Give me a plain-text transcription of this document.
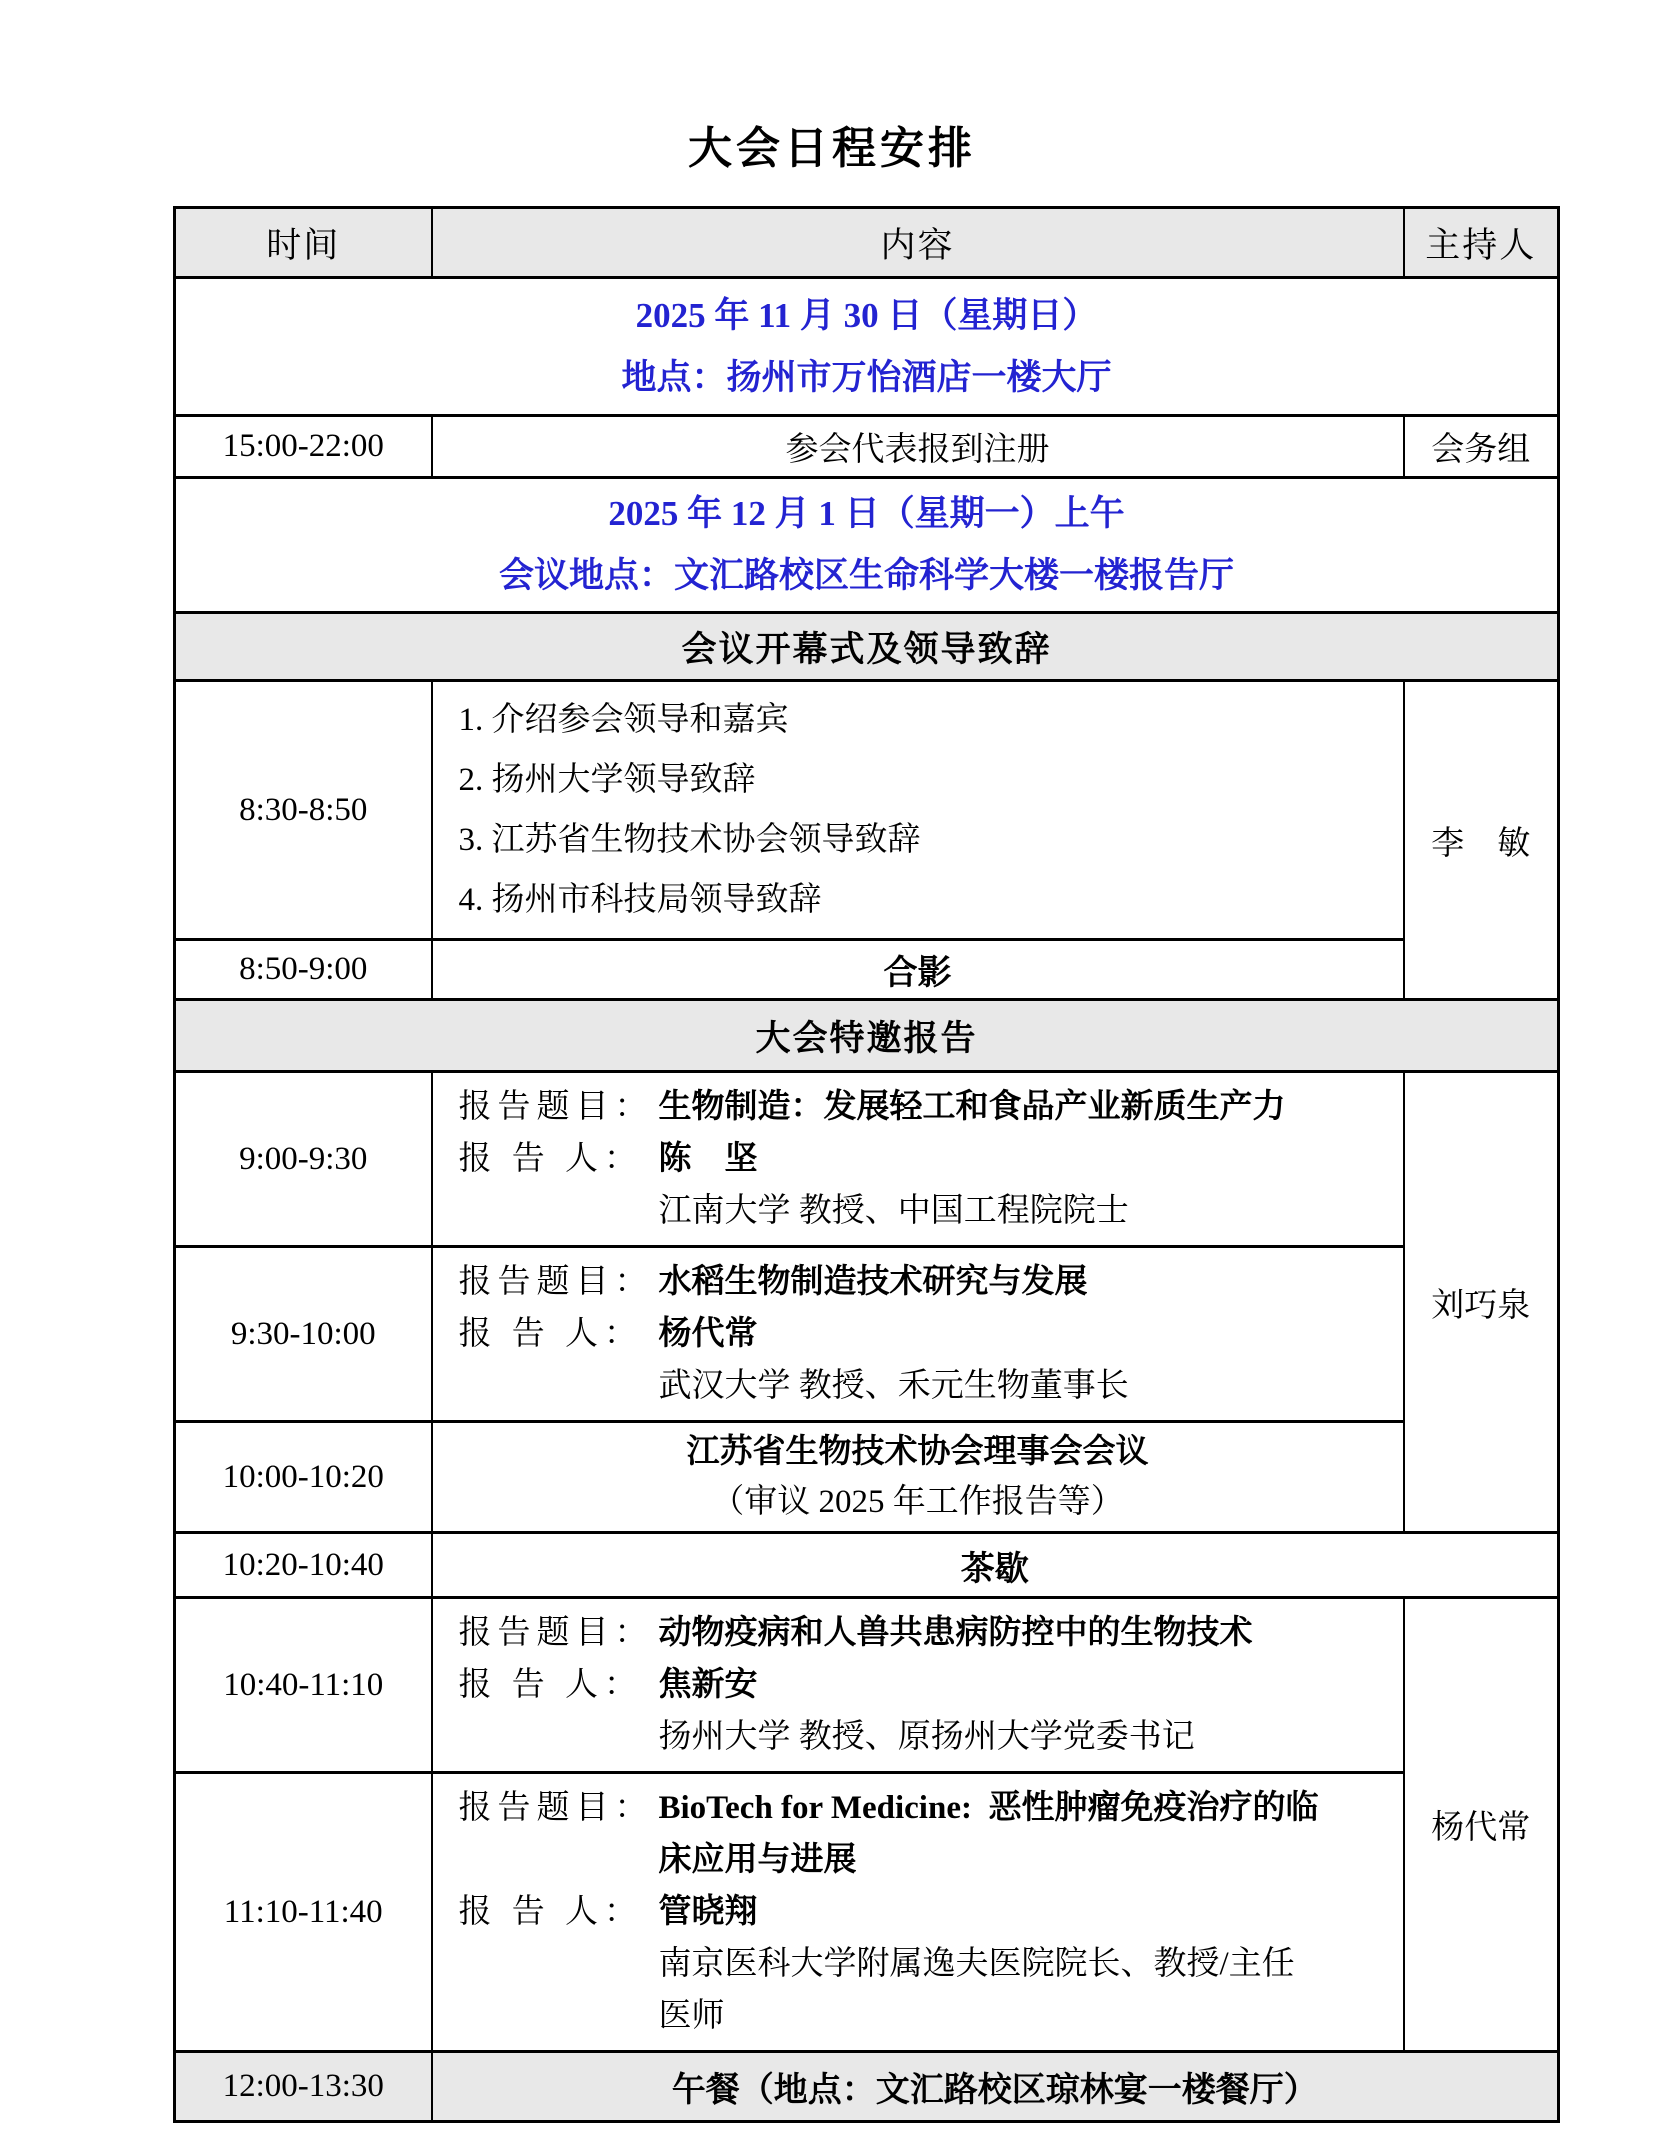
大会日程安排
时间	内容	主持人

2025 年 11 月 30 日（星期日）
地点：扬州市万怡酒店一楼大厅		

15:00-22:00	参会代表报到注册	会务组

2025 年 12 月 1 日（星期一）上午
会议地点：文汇路校区生命科学大楼一楼报告厅		

会议开幕式及领导致辞		
8:30-8:50	1. 介绍参会领导和嘉宾
2. 扬州大学领导致辞
3. 江苏省生物技术协会领导致辞
4. 扬州市科技局领导致辞	李　敏
8:50-9:00	合影	
大会特邀报告		
9:00-9:30	报告题目： 生物制造：发展轻工和食品产业新质生产力
报 告 人： 陈　坚
江南大学 教授、中国工程院院士	刘巧泉
9:30-10:00	报告题目： 水稻生物制造技术研究与发展
报 告 人： 杨代常
武汉大学 教授、禾元生物董事长	

10:00-10:20	江苏省生物技术协会理事会会议
（审议 2025 年工作报告等）	

10:20-10:40	茶歇	
10:40-11:10	报告题目： 动物疫病和人兽共患病防控中的生物技术
报 告 人： 焦新安
扬州大学 教授、原扬州大学党委书记	杨代常
11:10-11:40	报告题目： BioTech for Medicine:  恶性肿瘤免疫治疗的临床应用与进展
报 告 人： 管晓翔
南京医科大学附属逸夫医院院长、教授/主任医师	

12:00-13:30	午餐（地点：文汇路校区琼林宴一楼餐厅）	
